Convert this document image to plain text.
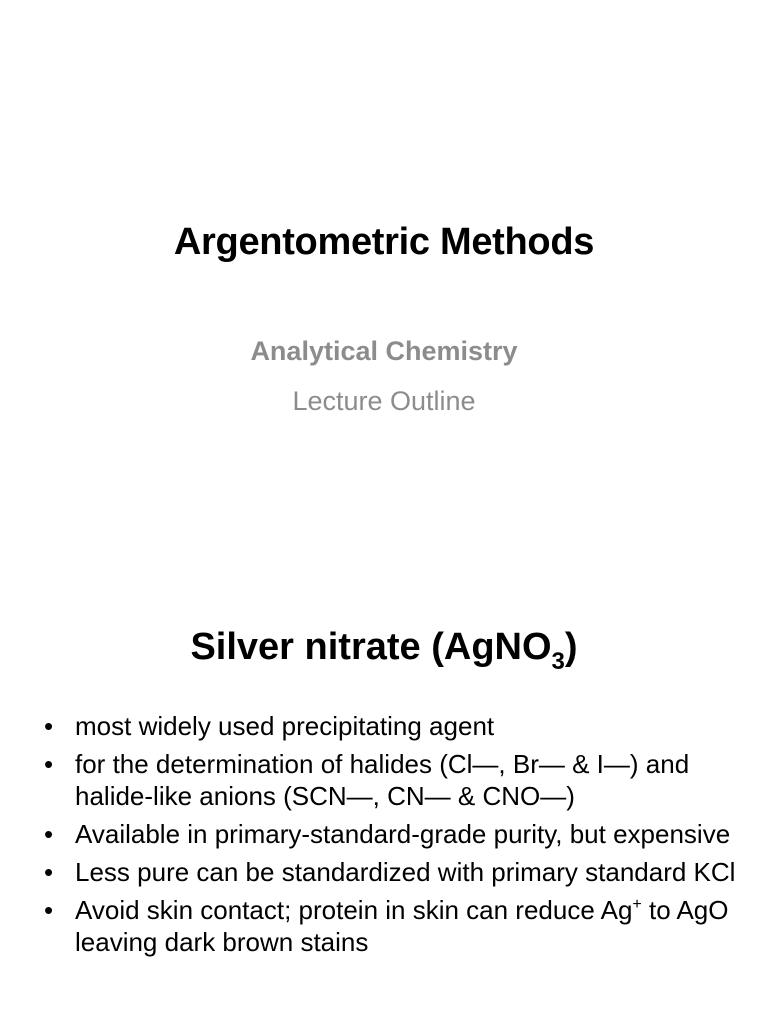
Argentometric Methods
Analytical Chemistry
Lecture Outline
Silver nitrate (AgNO$_3$)
• most widely used precipitating agent
• for the determination of halides (Cl—, Br— & I—) and halide-like anions (SCN—, CN— & CNO—)
• Available in primary-standard-grade purity, but expensive
• Less pure can be standardized with primary standard KCl
• Avoid skin contact; protein in skin can reduce Ag+ to AgO leaving dark brown stains
